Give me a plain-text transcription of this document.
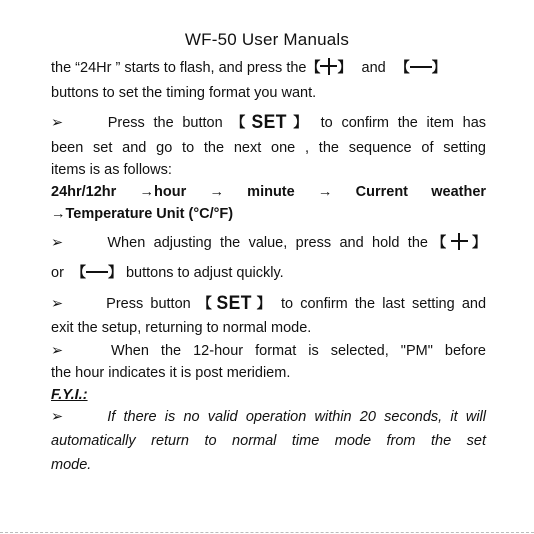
WF-50 User Manuals
the “24Hr ” starts to flash, and press the【 】 and 【 】
buttons to set the timing format you want.
➢	Press the button 【SET 】 to confirm the item has
been set and go to the next one , the sequence of setting
items is as follows:
24hr/12hr →hour → minute → Current weather
→Temperature Unit (°C/°F)
➢	When adjusting the value, press and hold the【 】
or 【 】 buttons to adjust quickly.
➢	Press button 【SET 】 to confirm the last setting and
exit the setup, returning to normal mode.
➢	When the 12-hour format is selected, "PM" before
the hour indicates it is post meridiem.
F.Y.I.:
➢	If there is no valid operation within 20 seconds, it will
automatically return to normal time mode from the set
mode.
